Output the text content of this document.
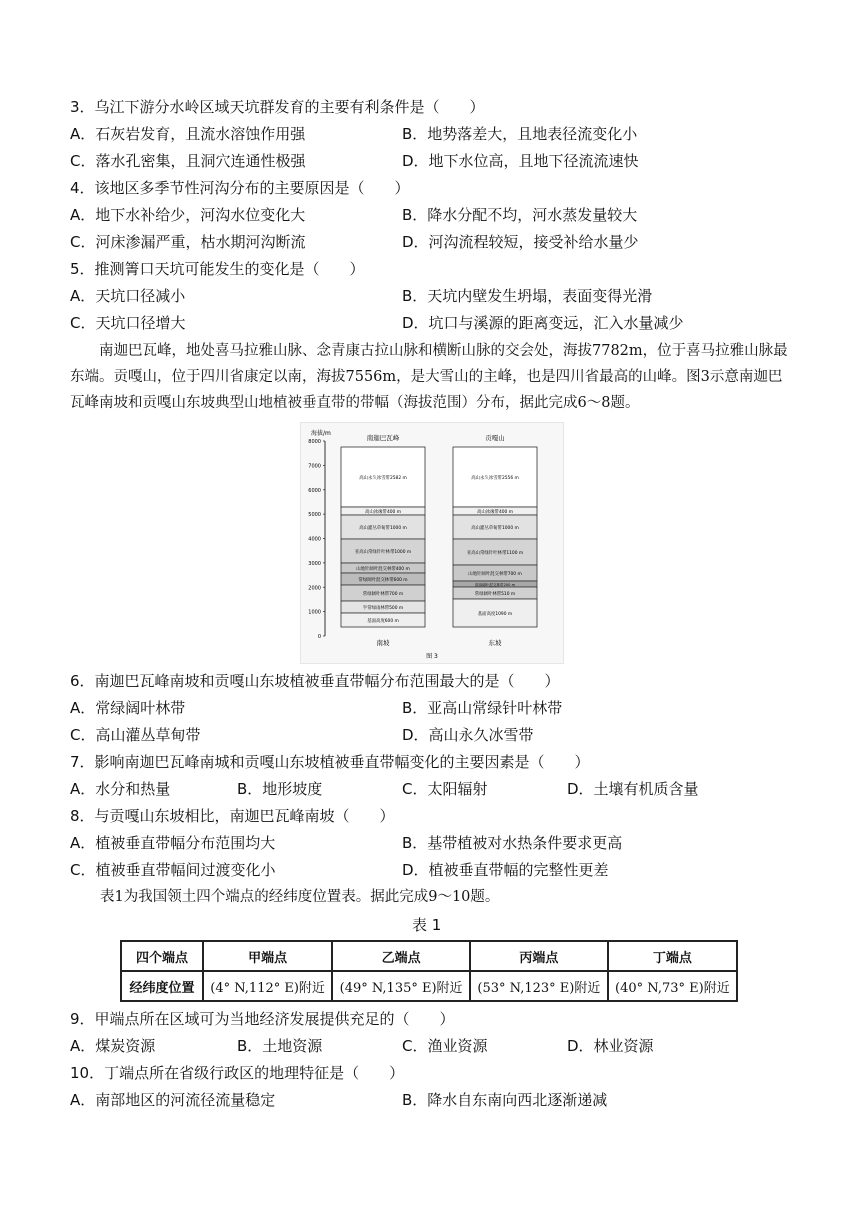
3．乌江下游分水岭区域天坑群发育的主要有利条件是（　　）
A．石灰岩发育，且流水溶蚀作用强	B．地势落差大，且地表径流变化小
C．落水孔密集，且洞穴连通性极强	D．地下水位高，且地下径流流速快
4．该地区多季节性河沟分布的主要原因是（　　）
A．地下水补给少，河沟水位变化大	B．降水分配不均，河水蒸发量较大
C．河床渗漏严重，枯水期河沟断流	D．河沟流程较短，接受补给水量少
5．推测箐口天坑可能发生的变化是（　　）
A．天坑口径减小	B．天坑内壁发生坍塌，表面变得光滑
C．天坑口径增大	D．坑口与溪源的距离变远，汇入水量减少
南迦巴瓦峰，地处喜马拉雅山脉、念青康古拉山脉和横断山脉的交会处，海拔7782m，位于喜马拉雅山脉最东端。贡嘎山，位于四川省康定以南，海拔7556m，是大雪山的主峰，也是四川省最高的山峰。图3示意南迦巴瓦峰南坡和贡嘎山东坡典型山地植被垂直带的带幅（海拔范围）分布，据此完成6～8题。
海拔/m
8000
7000
6000
5000
4000
3000
2000
1000
0
南迦巴瓦峰	贡嘎山
高山永久冰雪带2582 m
高山冰缘带400 m
高山灌丛草甸带1000 m
亚高山常绿针叶林带1000 m
山地针阔叶混交林带400 m
常绿阔叶混交林带600 m
常绿阔叶林带700 m
半常绿雨林带500 m
基面高度600 m
高山永久冰雪带2556 m
高山冰缘带400 m
高山灌丛草甸带1000 m
亚高山常绿针叶林带1100 m
山地针阔叶混交林带700 m
常绿阔叶混交林带200 m
常绿阔叶林带510 m
基面高度1090 m
南坡	东坡
图 3
6．南迦巴瓦峰南坡和贡嘎山东坡植被垂直带幅分布范围最大的是（　　）
A．常绿阔叶林带	B．亚高山常绿针叶林带
C．高山灌丛草甸带	D．高山永久冰雪带
7．影响南迦巴瓦峰南城和贡嘎山东坡植被垂直带幅变化的主要因素是（　　）
A．水分和热量	B．地形坡度	C．太阳辐射	D．土壤有机质含量
8．与贡嘎山东坡相比，南迦巴瓦峰南坡（　　）
A．植被垂直带幅分布范围均大	B．基带植被对水热条件要求更高
C．植被垂直带幅间过渡变化小	D．植被垂直带幅的完整性更差
表1为我国领土四个端点的经纬度位置表。据此完成9～10题。
表 1
四个端点	甲端点	乙端点	丙端点	丁端点
经纬度位置	(4° N,112° E)附近	(49° N,135° E)附近	(53° N,123° E)附近	(40° N,73° E)附近
9．甲端点所在区域可为当地经济发展提供充足的（　　）
A．煤炭资源	B．土地资源	C．渔业资源	D．林业资源
10．丁端点所在省级行政区的地理特征是（　　）
A．南部地区的河流径流量稳定	B．降水自东南向西北逐渐递减
